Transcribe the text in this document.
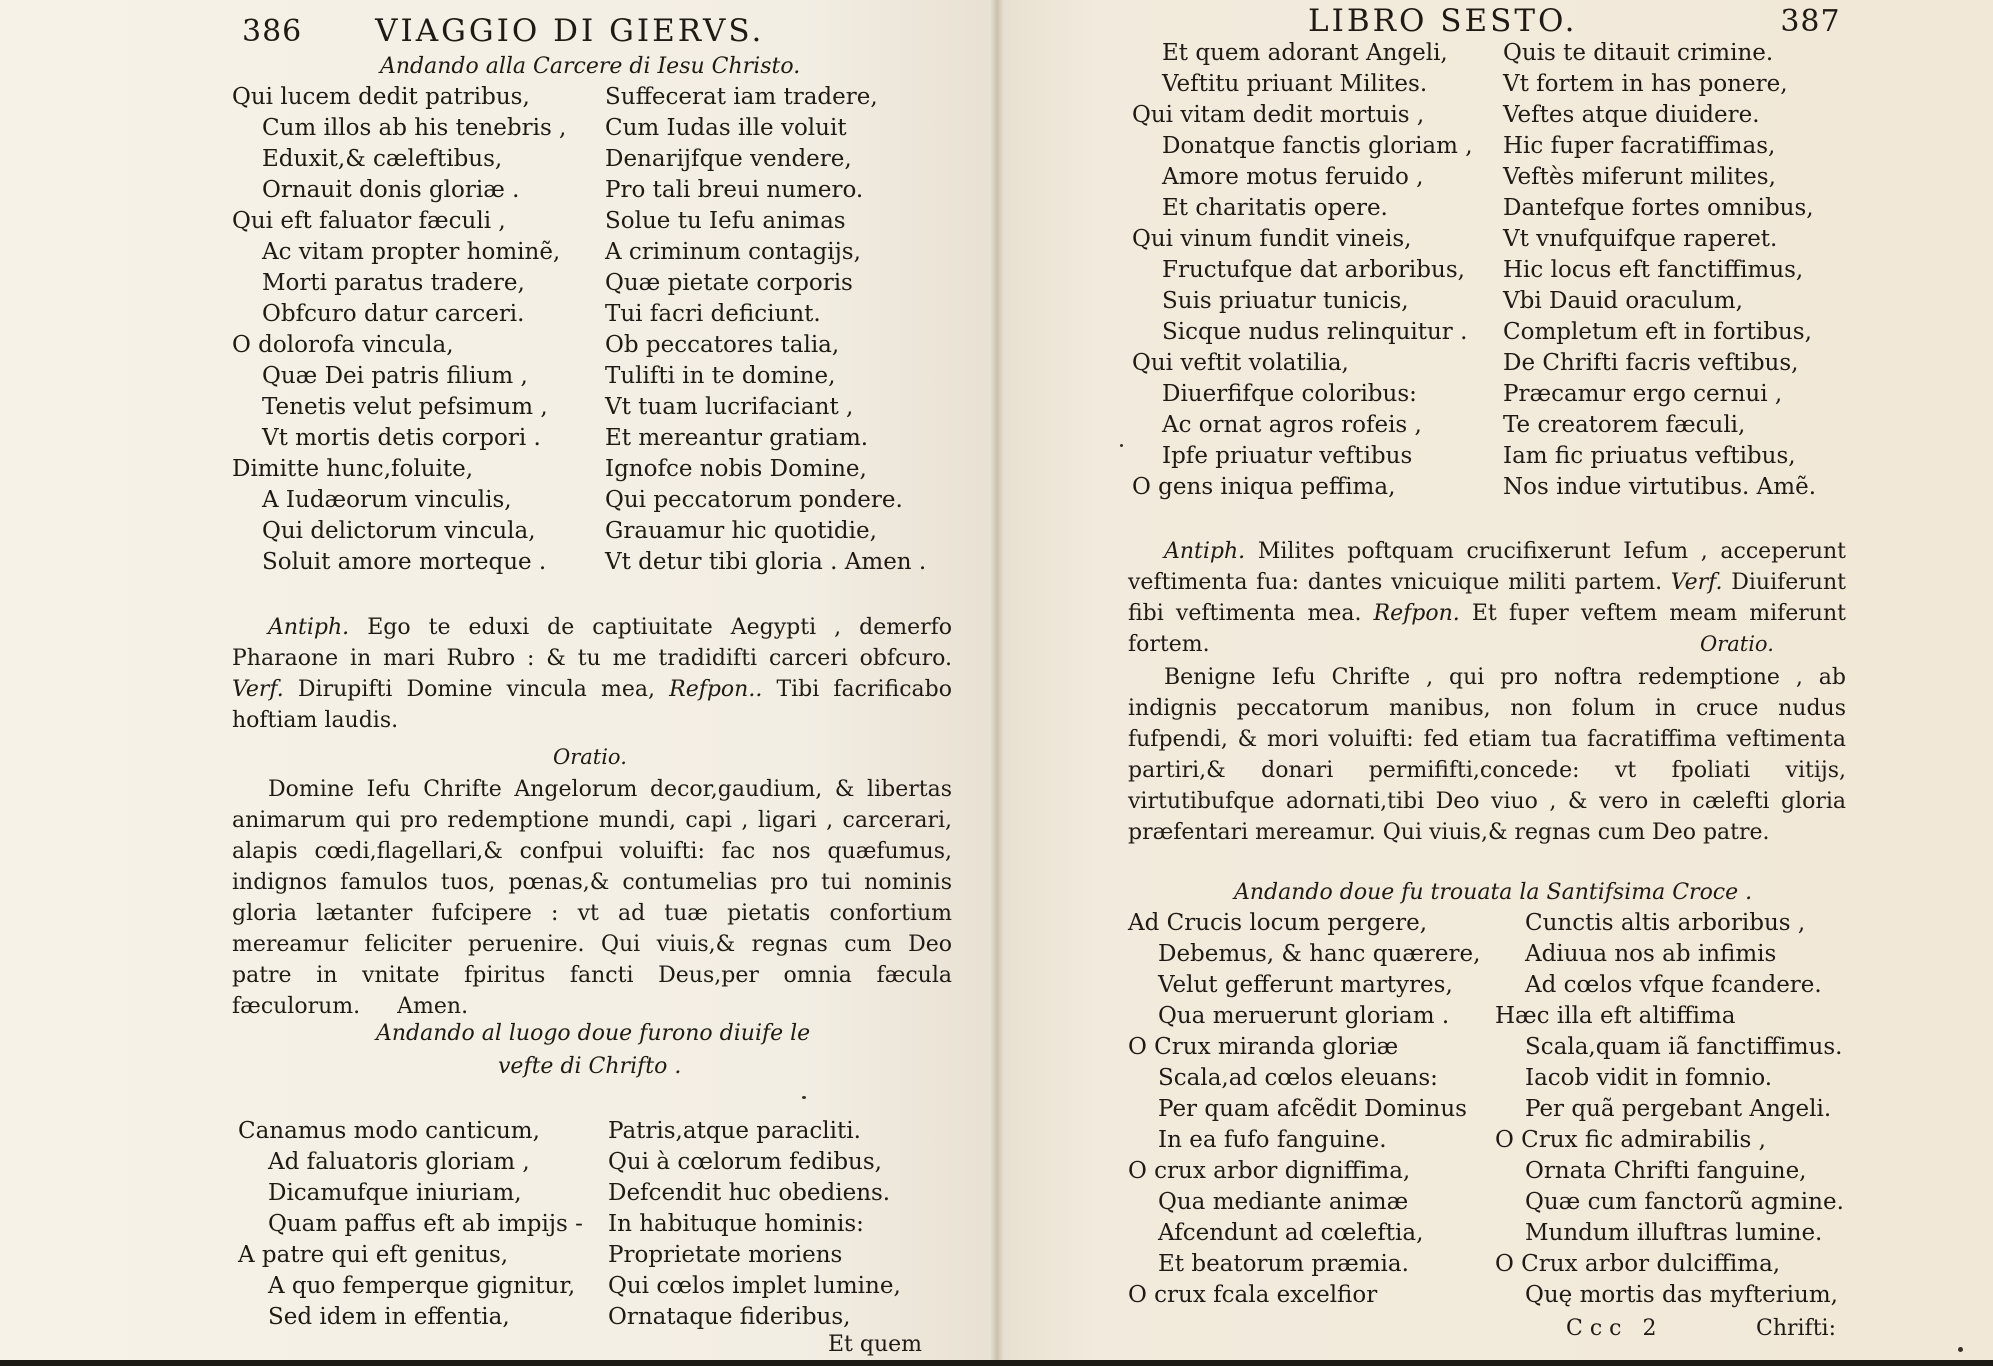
386 VIAGGIO DI GIERVS.
Andando alla Carcere di Iesu Christo.
Qui lucem dedit patribus,
Cum illos ab his tenebris ,
Eduxit,& cæleftibus,
Ornauit donis gloriæ .
Qui eft faluator fæculi ,
Ac vitam propter hominẽ,
Morti paratus tradere,
Obfcuro datur carceri.
O dolorofa vincula,
Quæ Dei patris filium ,
Tenetis velut pefsimum ,
Vt mortis detis corpori .
Dimitte hunc,foluite,
A Iudæorum vinculis,
Qui delictorum vincula,
Soluit amore morteque .
Suffecerat iam tradere,
Cum Iudas ille voluit
Denarijfque vendere,
Pro tali breui numero.
Solue tu Iefu animas
A criminum contagijs,
Quæ pietate corporis
Tui facri deficiunt.
Ob peccatores talia,
Tulifti in te domine,
Vt tuam lucrifaciant ,
Et mereantur gratiam.
Ignofce nobis Domine,
Qui peccatorum pondere.
Grauamur hic quotidie,
Vt detur tibi gloria . Amen .

Antiph. Ego te eduxi de captiuitate Aegypti , demerfo Pharaone in mari Rubro : & tu me tradidifti carceri obfcuro. Verf. Dirupifti Domine vincula mea, Refpon.. Tibi facrificabo hoftiam laudis.

Oratio.

Domine Iefu Chrifte Angelorum decor,gaudium, & libertas animarum qui pro redemptione mundi, capi , ligari , carcerari, alapis cœdi,flagellari,& confpui voluifti: fac nos quæfumus, indignos famulos tuos, pœnas,& contumelias pro tui nominis gloria lætanter fufcipere : vt ad tuæ pietatis confortium mereamur feliciter peruenire. Qui viuis,& regnas cum Deo patre in vnitate fpiritus fancti Deus,per omnia fæcula fæculorum. Amen.

Andando al luogo doue furono diuife le
vefte di Chrifto .
Canamus modo canticum,
Ad faluatoris gloriam ,
Dicamufque iniuriam,
Quam paffus eft ab impijs -
A patre qui eft genitus,
A quo femperque gignitur,
Sed idem in effentia,
Patris,atque paracliti.
Qui à cœlorum fedibus,
Defcendit huc obediens.
In habituque hominis:
Proprietate moriens
Qui cœlos implet lumine,
Ornataque fideribus,
Et quem
LIBRO SESTO.	387
Et quem adorant Angeli,
Veftitu priuant Milites.
Qui vitam dedit mortuis ,
Donatque fanctis gloriam ,
Amore motus feruido ,
Et charitatis opere.
Qui vinum fundit vineis,
Fructufque dat arboribus,
Suis priuatur tunicis,
Sicque nudus relinquitur .
Qui veftit volatilia,
Diuerfifque coloribus:
Ac ornat agros rofeis ,
Ipfe priuatur veftibus
O gens iniqua peffima,
Quis te ditauit crimine.
Vt fortem in has ponere,
Veftes atque diuidere.
Hic fuper facratiffimas,
Veftès miferunt milites,
Dantefque fortes omnibus,
Vt vnufquifque raperet.
Hic locus eft fanctiffimus,
Vbi Dauid oraculum,
Completum eft in fortibus,
De Chrifti facris veftibus,
Præcamur ergo cernui ,
Te creatorem fæculi,
Iam fic priuatus veftibus,
Nos indue virtutibus. Amẽ.

Antiph. Milites poftquam crucifixerunt Iefum , acceperunt veftimenta fua: dantes vnicuique militi partem. Verf. Diuiferunt fibi veftimenta mea. Refpon. Et fuper veftem meam miferunt fortem.	Oratio.

Benigne Iefu Chrifte , qui pro noftra redemptione , ab indignis peccatorum manibus, non folum in cruce nudus fufpendi, & mori voluifti: fed etiam tua facratiffima veftimenta partiri,& donari permififti,concede: vt fpoliati vitijs, virtutibufque adornati,tibi Deo viuo , & vero in cælefti gloria præfentari mereamur. Qui viuis,& regnas cum Deo patre.

Andando doue fu trouata la Santifsima Croce .
Ad Crucis locum pergere,
Debemus, & hanc quærere,
Velut gefferunt martyres,
Qua meruerunt gloriam .
O Crux miranda gloriæ
Scala,ad cœlos eleuans:
Per quam afcẽdit Dominus
In ea fufo fanguine.
O crux arbor digniffima,
Qua mediante animæ
Afcendunt ad cœleftia,
Et beatorum præmia.
O crux fcala excelfior
Cunctis altis arboribus ,
Adiuua nos ab infimis
Ad cœlos vfque fcandere.
Hæc illa eft altiffima
Scala,quam iã fanctiffimus.
Iacob vidit in fomnio.
Per quã pergebant Angeli.
O Crux fic admirabilis ,
Ornata Chrifti fanguine,
Quæ cum fanctorũ agmine.
Mundum illuftras lumine.
O Crux arbor dulciffima,
Quę mortis das myfterium,
C c c   2	Chrifti:
